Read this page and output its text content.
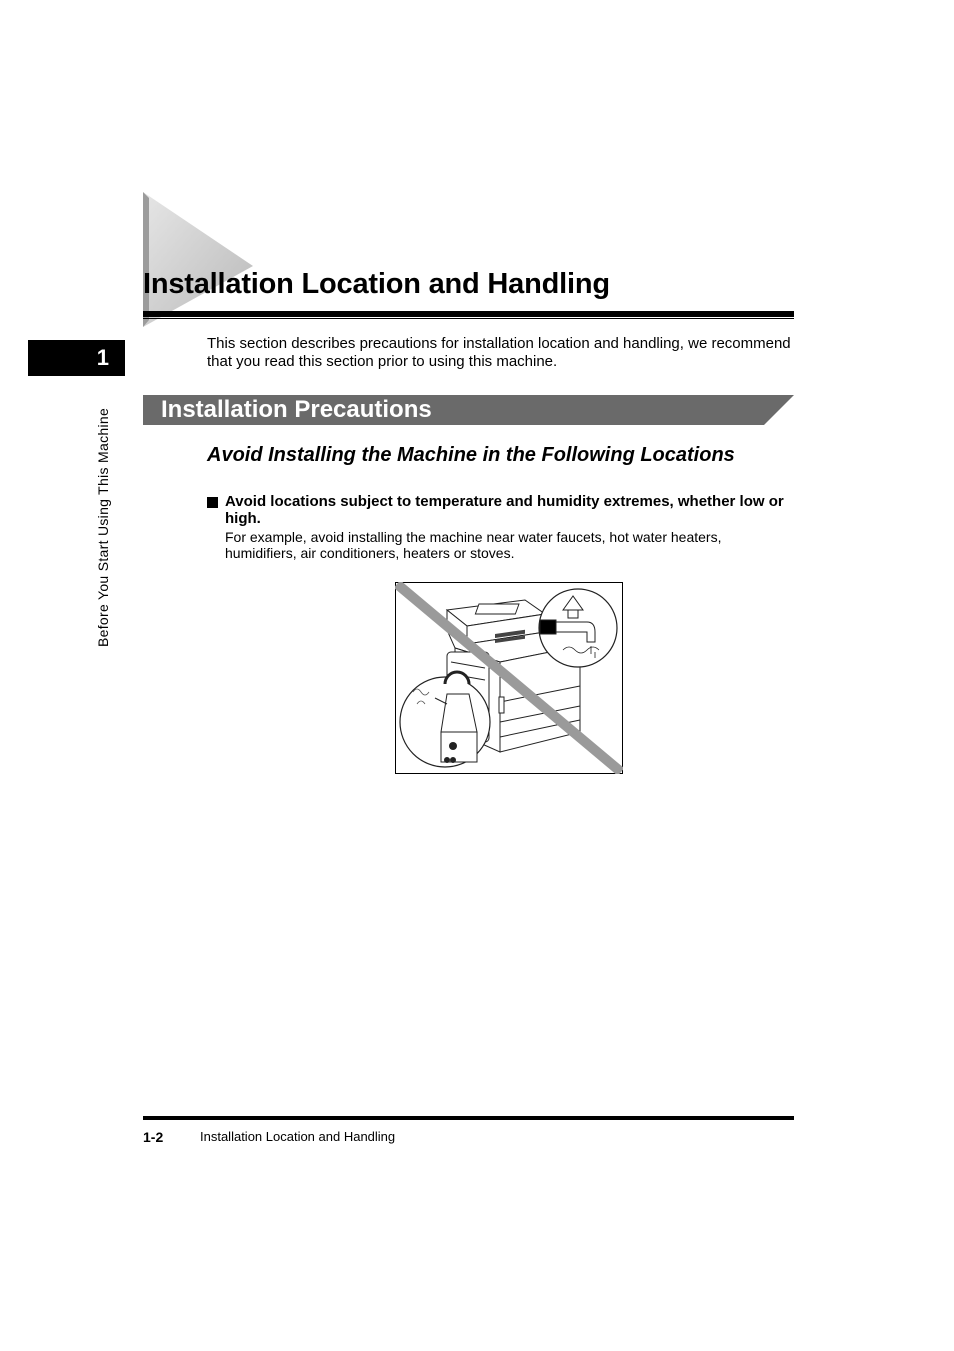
Installation Location and Handling
1
Before You Start Using This Machine
This section describes precautions for installation location and handling, we recommend that you read this section prior to using this machine.
Installation Precautions
Avoid Installing the Machine in the Following Locations
Avoid locations subject to temperature and humidity extremes, whether low or high.
For example, avoid installing the machine near water faucets, hot water heaters, humidifiers, air conditioners, heaters or stoves.
1-2	Installation Location and Handling
